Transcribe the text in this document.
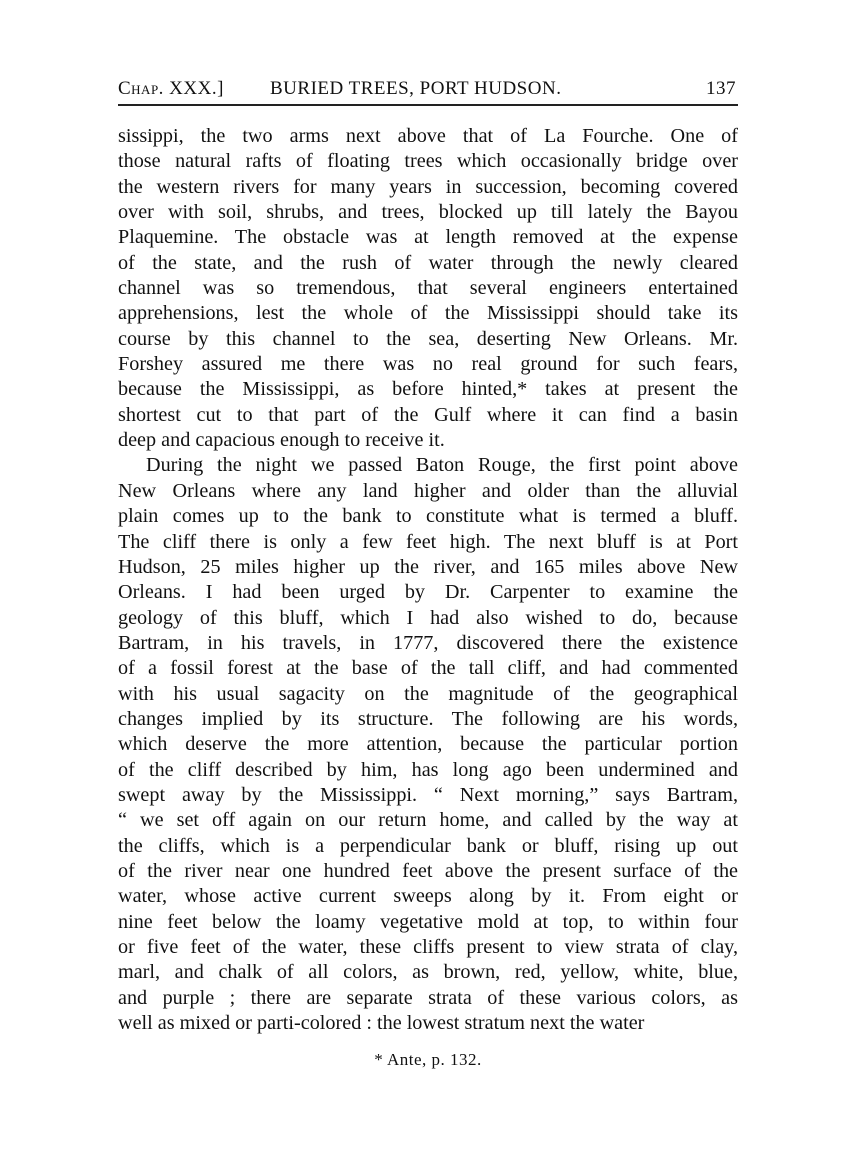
Chap. XXX.] BURIED TREES, PORT HUDSON.	137
sissippi, the two arms next above that of La Fourche. One of
those natural rafts of floating trees which occasionally bridge over
the western rivers for many years in succession, becoming covered
over with soil, shrubs, and trees, blocked up till lately the Bayou
Plaquemine. The obstacle was at length removed at the expense
of the state, and the rush of water through the newly cleared
channel was so tremendous, that several engineers entertained
apprehensions, lest the whole of the Mississippi should take its
course by this channel to the sea, deserting New Orleans. Mr.
Forshey assured me there was no real ground for such fears,
because the Mississippi, as before hinted,* takes at present the
shortest cut to that part of the Gulf where it can find a basin
deep and capacious enough to receive it.
During the night we passed Baton Rouge, the first point above
New Orleans where any land higher and older than the alluvial
plain comes up to the bank to constitute what is termed a bluff.
The cliff there is only a few feet high. The next bluff is at Port
Hudson, 25 miles higher up the river, and 165 miles above New
Orleans. I had been urged by Dr. Carpenter to examine the
geology of this bluff, which I had also wished to do, because
Bartram, in his travels, in 1777, discovered there the existence
of a fossil forest at the base of the tall cliff, and had commented
with his usual sagacity on the magnitude of the geographical
changes implied by its structure. The following are his words,
which deserve the more attention, because the particular portion
of the cliff described by him, has long ago been undermined and
swept away by the Mississippi. “ Next morning,” says Bartram,
“ we set off again on our return home, and called by the way at
the cliffs, which is a perpendicular bank or bluff, rising up out
of the river near one hundred feet above the present surface of the
water, whose active current sweeps along by it. From eight or
nine feet below the loamy vegetative mold at top, to within four
or five feet of the water, these cliffs present to view strata of clay,
marl, and chalk of all colors, as brown, red, yellow, white, blue,
and purple ; there are separate strata of these various colors, as
well as mixed or parti-colored : the lowest stratum next the water
* Ante, p. 132.
